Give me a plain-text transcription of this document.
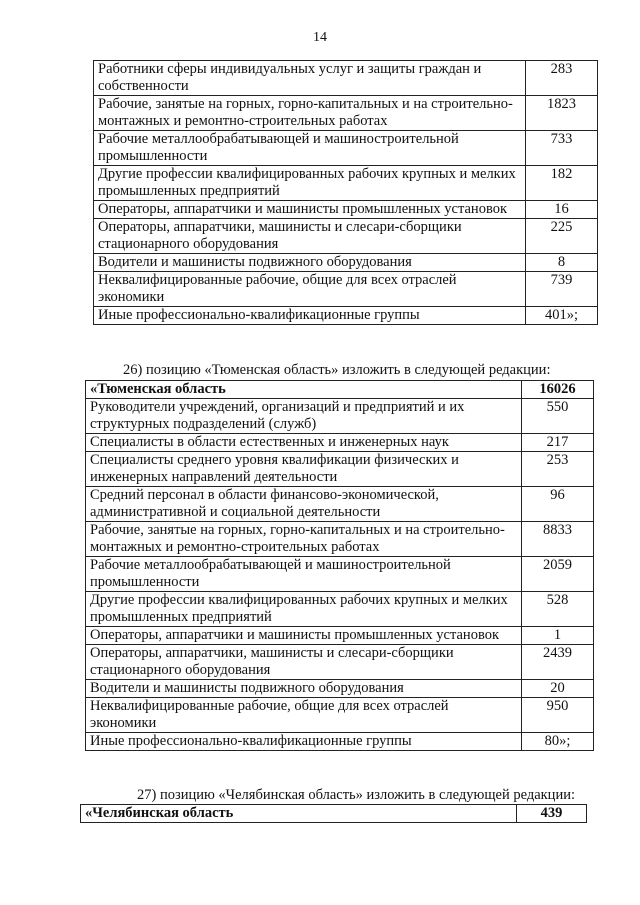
14
Работники сферы индивидуальных услуг и защиты граждан и собственности	283
Рабочие, занятые на горных, горно-капитальных и на строительно-монтажных и ремонтно-строительных работах	1823
Рабочие металлообрабатывающей и машиностроительной промышленности	733
Другие профессии квалифицированных рабочих крупных и мелких промышленных предприятий	182
Операторы, аппаратчики и машинисты промышленных установок	16
Операторы, аппаратчики, машинисты и слесари-сборщики стационарного оборудования	225
Водители и машинисты подвижного оборудования	8
Неквалифицированные рабочие, общие для всех отраслей экономики	739
Иные профессионально-квалификационные группы	401»;
26) позицию «Тюменская область» изложить в следующей редакции:
«Тюменская область	16026
Руководители учреждений, организаций и предприятий и их структурных подразделений (служб)	550
Специалисты в области естественных и инженерных наук	217
Специалисты среднего уровня квалификации физических и инженерных направлений деятельности	253
Средний персонал в области финансово-экономической, административной и социальной деятельности	96
Рабочие, занятые на горных, горно-капитальных и на строительно-монтажных и ремонтно-строительных работах	8833
Рабочие металлообрабатывающей и машиностроительной промышленности	2059
Другие профессии квалифицированных рабочих крупных и мелких промышленных предприятий	528
Операторы, аппаратчики и машинисты промышленных установок	1
Операторы, аппаратчики, машинисты и слесари-сборщики стационарного оборудования	2439
Водители и машинисты подвижного оборудования	20
Неквалифицированные рабочие, общие для всех отраслей экономики	950
Иные профессионально-квалификационные группы	80»;
27) позицию «Челябинская область» изложить в следующей редакции:
«Челябинская область	439
